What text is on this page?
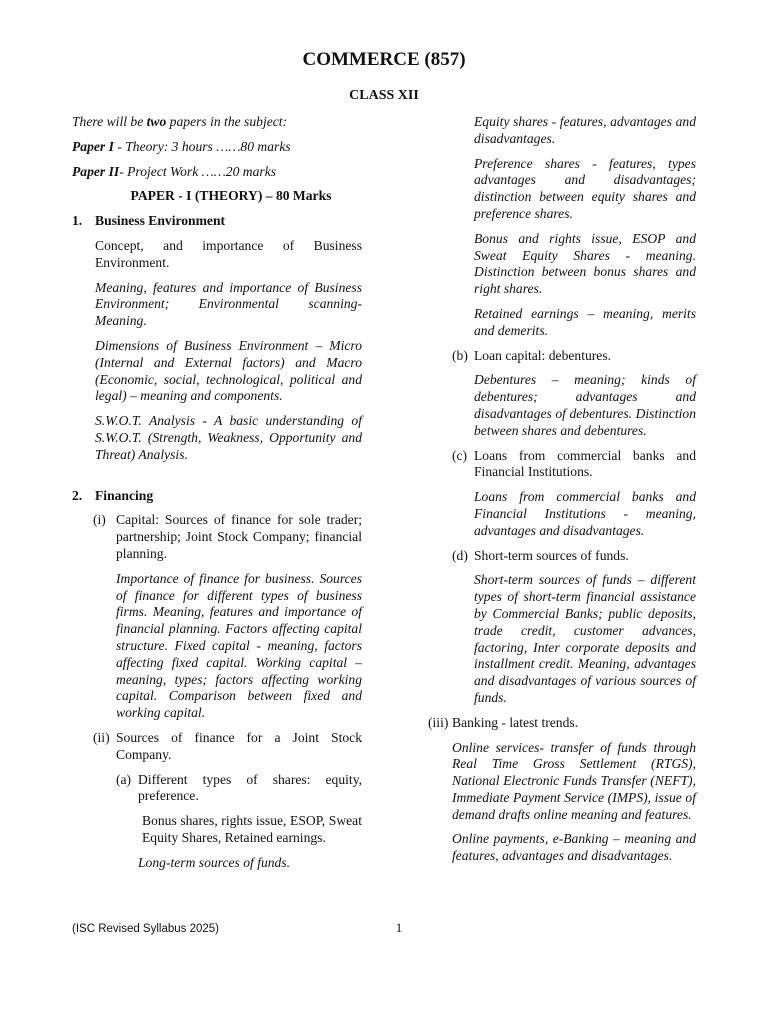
COMMERCE (857)
CLASS XII

There will be two papers in the subject:

Paper I - Theory: 3 hours ……80 marks

Paper II- Project Work ……20 marks

PAPER - I (THEORY) – 80 Marks

1. Business Environment

Concept, and importance of Business Environment.

Meaning, features and importance of Business Environment; Environmental scanning- Meaning.

Dimensions of Business Environment – Micro (Internal and External factors) and Macro (Economic, social, technological, political and legal) – meaning and components.

S.W.O.T. Analysis - A basic understanding of S.W.O.T. (Strength, Weakness, Opportunity and Threat) Analysis.

2. Financing
(i) Capital: Sources of finance for sole trader; partnership; Joint Stock Company; financial planning.

Importance of finance for business. Sources of finance for different types of business firms. Meaning, features and importance of financial planning. Factors affecting capital structure. Fixed capital - meaning, factors affecting fixed capital. Working capital – meaning, types; factors affecting working capital. Comparison between fixed and working capital.

(ii) Sources of finance for a Joint Stock Company.
(a) Different types of shares: equity, preference.

Bonus shares, rights issue, ESOP, Sweat Equity Shares, Retained earnings.

Long-term sources of funds.

Equity shares - features, advantages and disadvantages.

Preference shares - features, types advantages and disadvantages; distinction between equity shares and preference shares.

Bonus and rights issue, ESOP and Sweat Equity Shares - meaning. Distinction between bonus shares and right shares.

Retained earnings – meaning, merits and demerits.

(b) Loan capital: debentures.

Debentures – meaning; kinds of debentures; advantages and disadvantages of debentures. Distinction between shares and debentures.

(c) Loans from commercial banks and Financial Institutions.

Loans from commercial banks and Financial Institutions - meaning, advantages and disadvantages.

(d) Short-term sources of funds.

Short-term sources of funds – different types of short-term financial assistance by Commercial Banks; public deposits, trade credit, customer advances, factoring, Inter corporate deposits and installment credit. Meaning, advantages and disadvantages of various sources of funds.

(iii) Banking - latest trends.

Online services- transfer of funds through Real Time Gross Settlement (RTGS), National Electronic Funds Transfer (NEFT), Immediate Payment Service (IMPS), issue of demand drafts online meaning and features.

Online payments, e-Banking – meaning and features, advantages and disadvantages.

(ISC Revised Syllabus 2025)	1
